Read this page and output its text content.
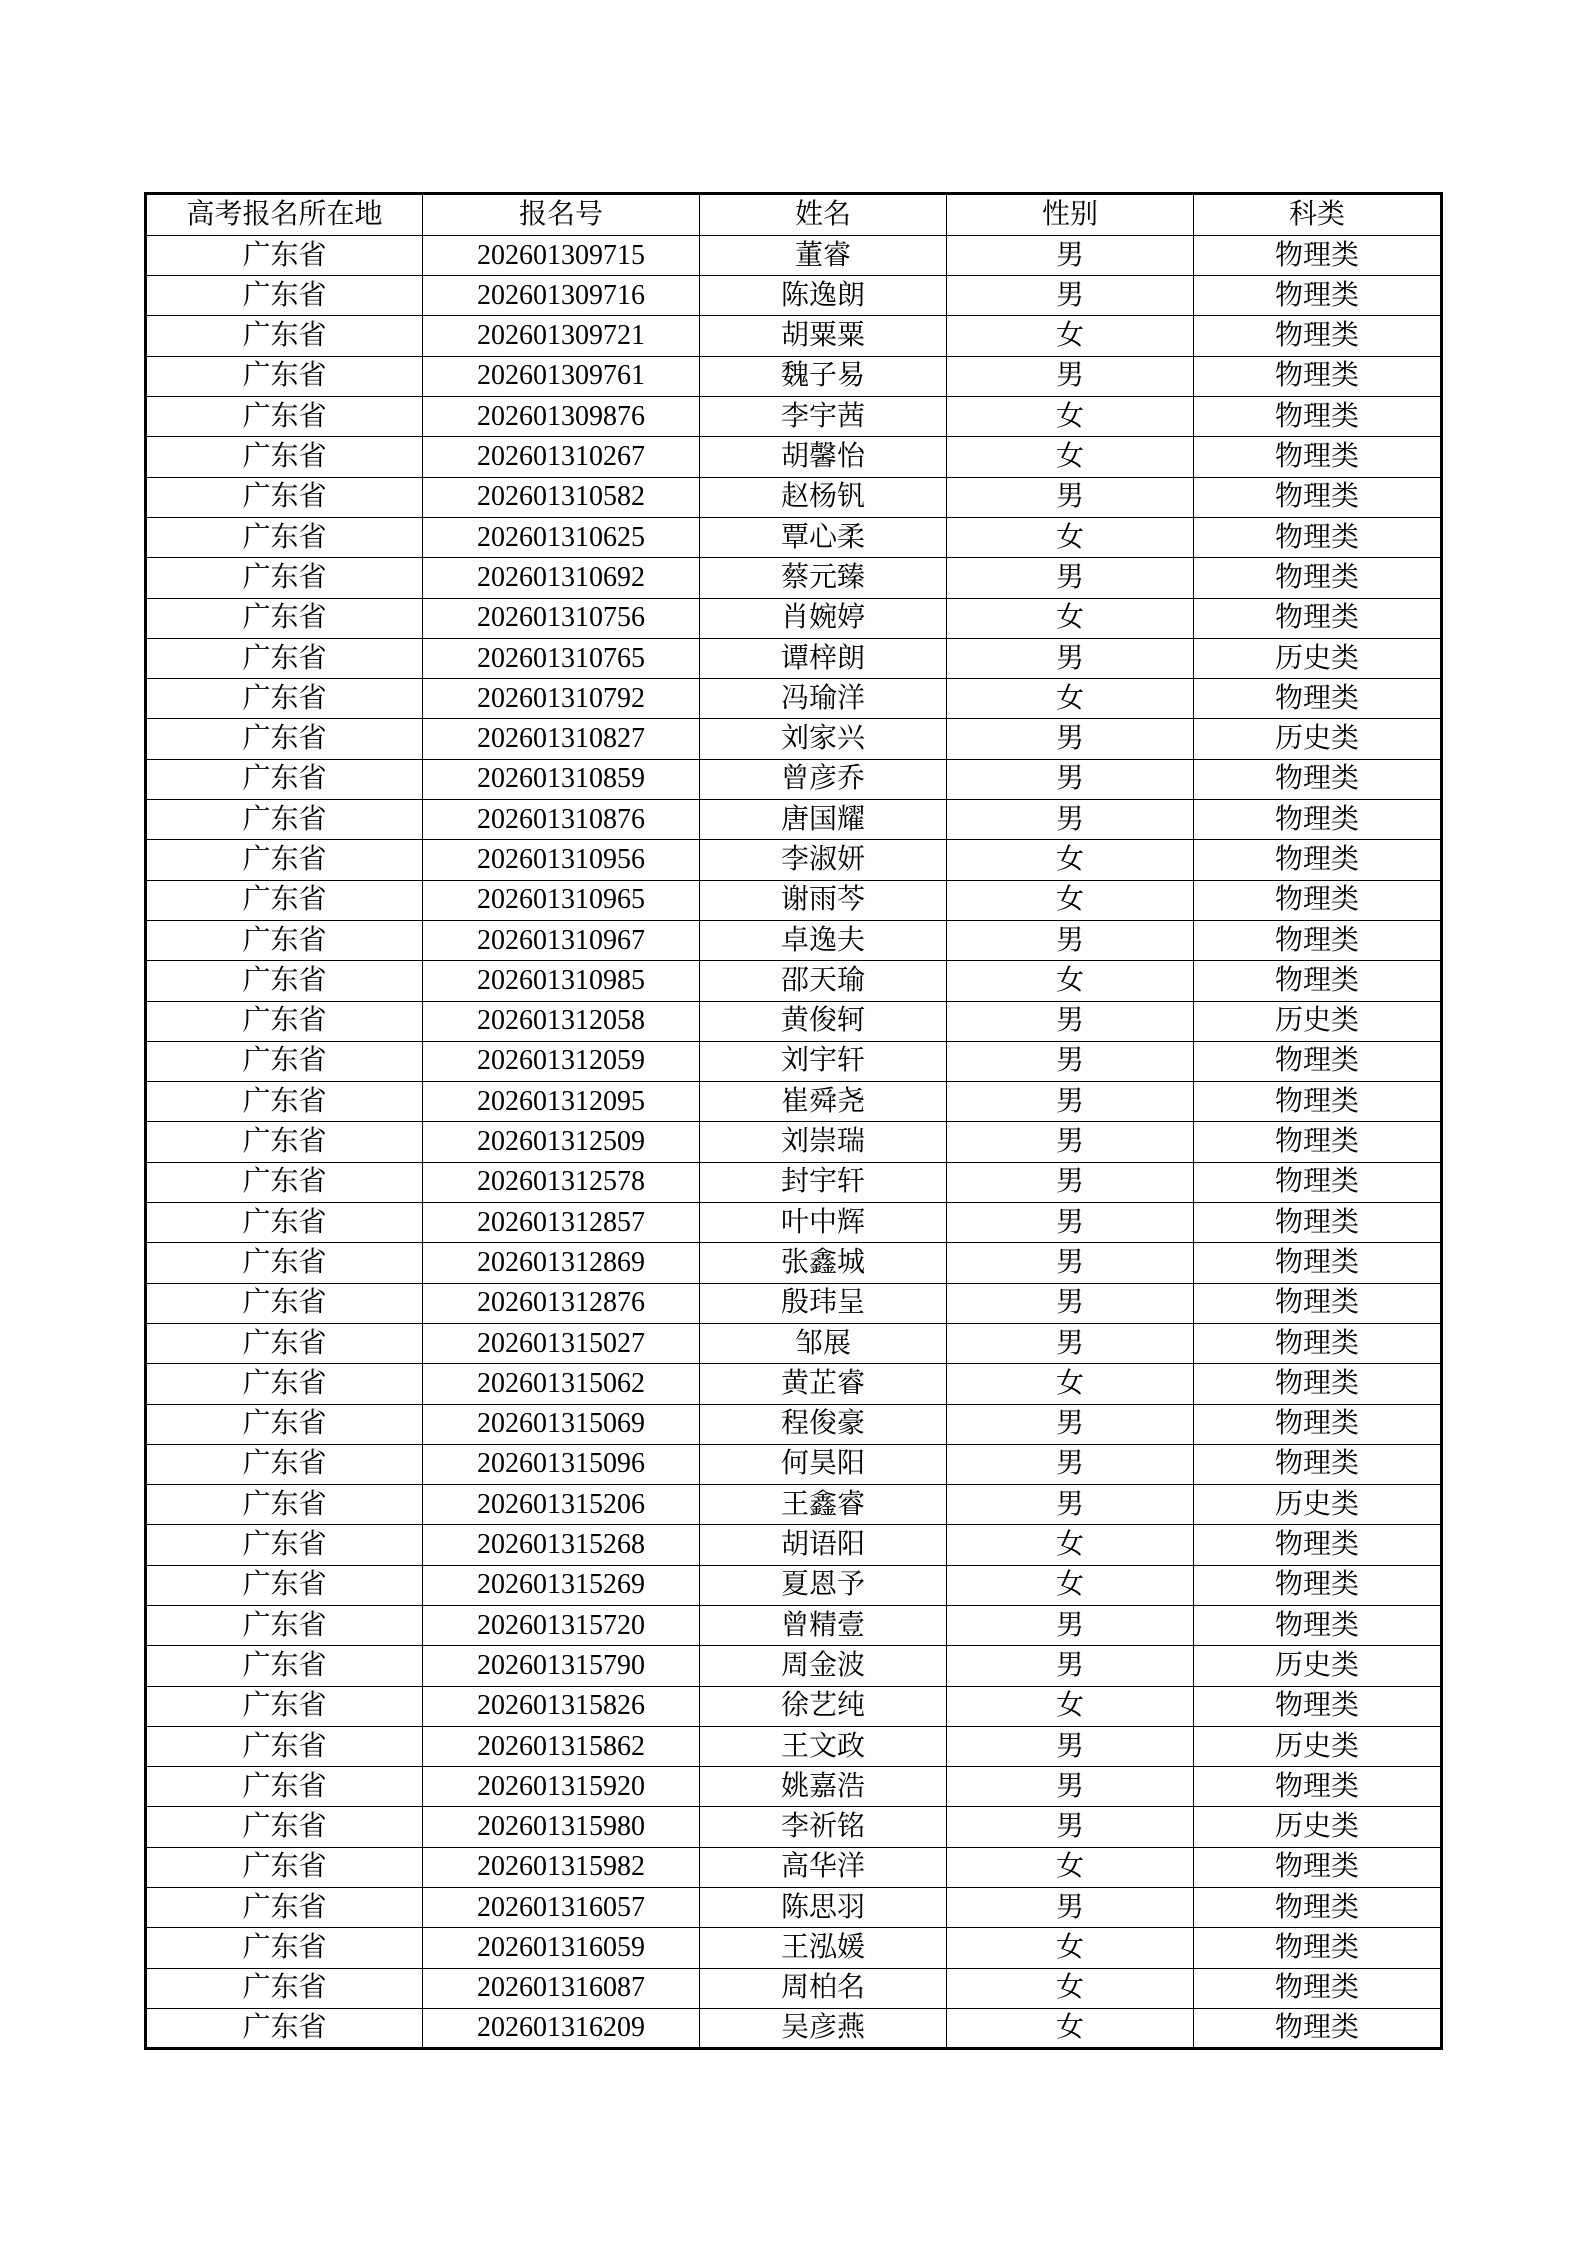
高考报名所在地	报名号	姓名	性别	科类
广东省	202601309715	董睿	男	物理类
广东省	202601309716	陈逸朗	男	物理类
广东省	202601309721	胡粟粟	女	物理类
广东省	202601309761	魏子易	男	物理类
广东省	202601309876	李宇茜	女	物理类
广东省	202601310267	胡馨怡	女	物理类
广东省	202601310582	赵杨钒	男	物理类
广东省	202601310625	覃心柔	女	物理类
广东省	202601310692	蔡元臻	男	物理类
广东省	202601310756	肖婉婷	女	物理类
广东省	202601310765	谭梓朗	男	历史类
广东省	202601310792	冯瑜洋	女	物理类
广东省	202601310827	刘家兴	男	历史类
广东省	202601310859	曾彦乔	男	物理类
广东省	202601310876	唐国耀	男	物理类
广东省	202601310956	李淑妍	女	物理类
广东省	202601310965	谢雨芩	女	物理类
广东省	202601310967	卓逸夫	男	物理类
广东省	202601310985	邵天瑜	女	物理类
广东省	202601312058	黄俊轲	男	历史类
广东省	202601312059	刘宇轩	男	物理类
广东省	202601312095	崔舜尧	男	物理类
广东省	202601312509	刘崇瑞	男	物理类
广东省	202601312578	封宇轩	男	物理类
广东省	202601312857	叶中辉	男	物理类
广东省	202601312869	张鑫城	男	物理类
广东省	202601312876	殷玮呈	男	物理类
广东省	202601315027	邹展	男	物理类
广东省	202601315062	黄芷睿	女	物理类
广东省	202601315069	程俊豪	男	物理类
广东省	202601315096	何昊阳	男	物理类
广东省	202601315206	王鑫睿	男	历史类
广东省	202601315268	胡语阳	女	物理类
广东省	202601315269	夏恩予	女	物理类
广东省	202601315720	曾精壹	男	物理类
广东省	202601315790	周金波	男	历史类
广东省	202601315826	徐艺纯	女	物理类
广东省	202601315862	王文政	男	历史类
广东省	202601315920	姚嘉浩	男	物理类
广东省	202601315980	李祈铭	男	历史类
广东省	202601315982	高华洋	女	物理类
广东省	202601316057	陈思羽	男	物理类
广东省	202601316059	王泓媛	女	物理类
广东省	202601316087	周柏名	女	物理类
广东省	202601316209	吴彦燕	女	物理类
